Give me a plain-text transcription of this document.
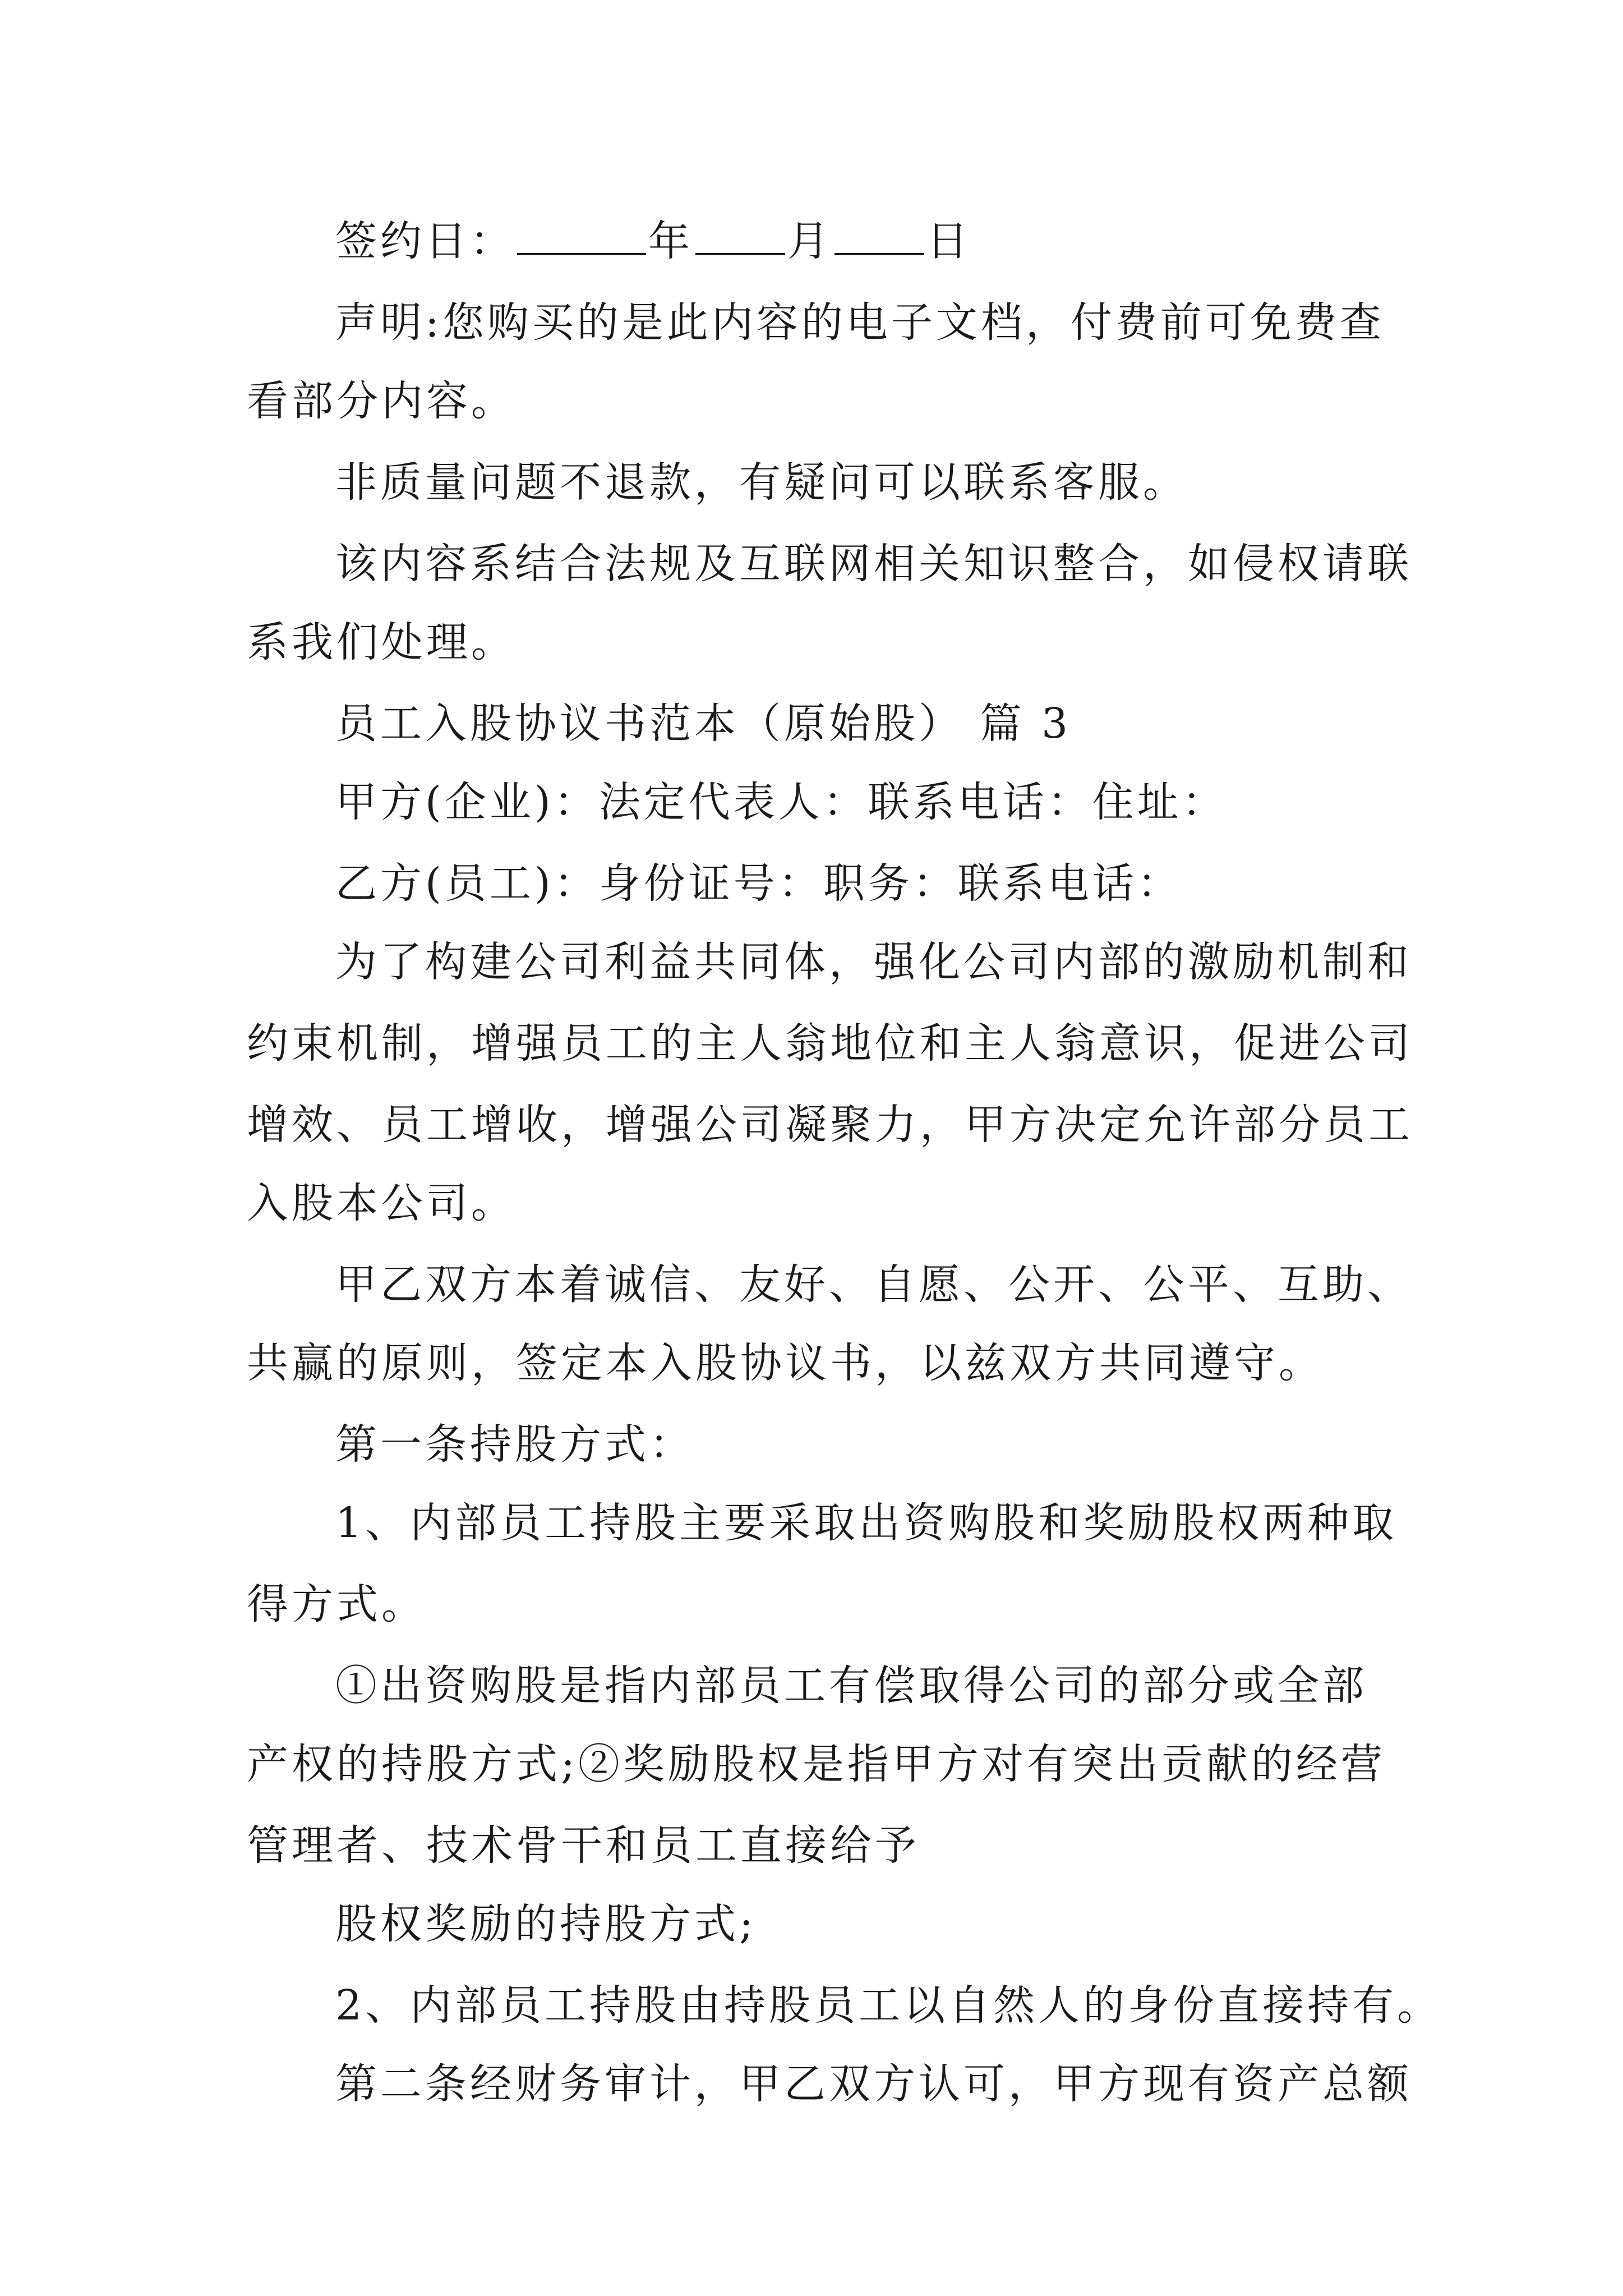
签约日：	年 月 日
声明:您购买的是此内容的电子文档，付费前可免费查
看部分内容。
非质量问题不退款，有疑问可以联系客服。
该内容系结合法规及互联网相关知识整合，如侵权请联
系我们处理。
员工入股协议书范本（原始股） 篇 3
甲方(企业)：法定代表人：联系电话：住址：
乙方(员工)：身份证号：职务：联系电话：
为了构建公司利益共同体，强化公司内部的激励机制和
约束机制，增强员工的主人翁地位和主人翁意识，促进公司
增效、员工增收，增强公司凝聚力，甲方决定允许部分员工
入股本公司。
甲乙双方本着诚信、友好、自愿、公开、公平、互助、
共赢的原则，签定本入股协议书，以兹双方共同遵守。
第一条持股方式：
1、内部员工持股主要采取出资购股和奖励股权两种取
得方式。
①出资购股是指内部员工有偿取得公司的部分或全部
产权的持股方式;②奖励股权是指甲方对有突出贡献的经营
管理者、技术骨干和员工直接给予
股权奖励的持股方式;
2、内部员工持股由持股员工以自然人的身份直接持有。
第二条经财务审计，甲乙双方认可，甲方现有资产总额
